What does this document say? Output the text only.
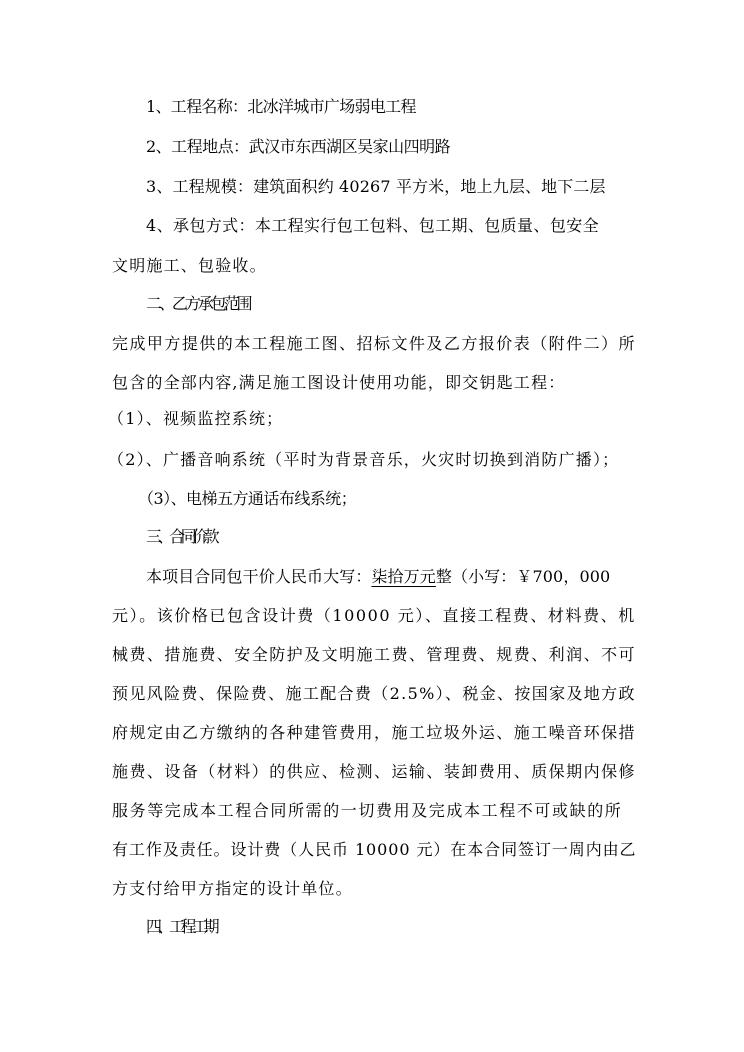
1、工程名称：北冰洋城市广场弱电工程
2、工程地点：武汉市东西湖区吴家山四明路
3、工程规模：建筑面积约 40267 平方米，地上九层、地下二层
4、承包方式：本工程实行包工包料、包工期、包质量、包安全
文明施工、包验收。
二、乙方承包范围
完成甲方提供的本工程施工图、招标文件及乙方报价表（附件二）所
包含的全部内容,满足施工图设计使用功能，即交钥匙工程：
（1）、视频监控系统；
（2）、广播音响系统（平时为背景音乐，火灾时切换到消防广播）；
（3）、电梯五方通话布线系统；
三、合同价款
本项目合同包干价人民币大写：柒拾万元整（小写：￥700，000
元）。该价格已包含设计费（10000 元）、直接工程费、材料费、机
械费、措施费、安全防护及文明施工费、管理费、规费、利润、不可
预见风险费、保险费、施工配合费（2.5%）、税金、按国家及地方政
府规定由乙方缴纳的各种建管费用，施工垃圾外运、施工噪音环保措
施费、设备（材料）的供应、检测、运输、装卸费用、质保期内保修
服务等完成本工程合同所需的一切费用及完成本工程不可或缺的所
有工作及责任。设计费（人民币 10000 元）在本合同签订一周内由乙
方支付给甲方指定的设计单位。
四、工程工期
